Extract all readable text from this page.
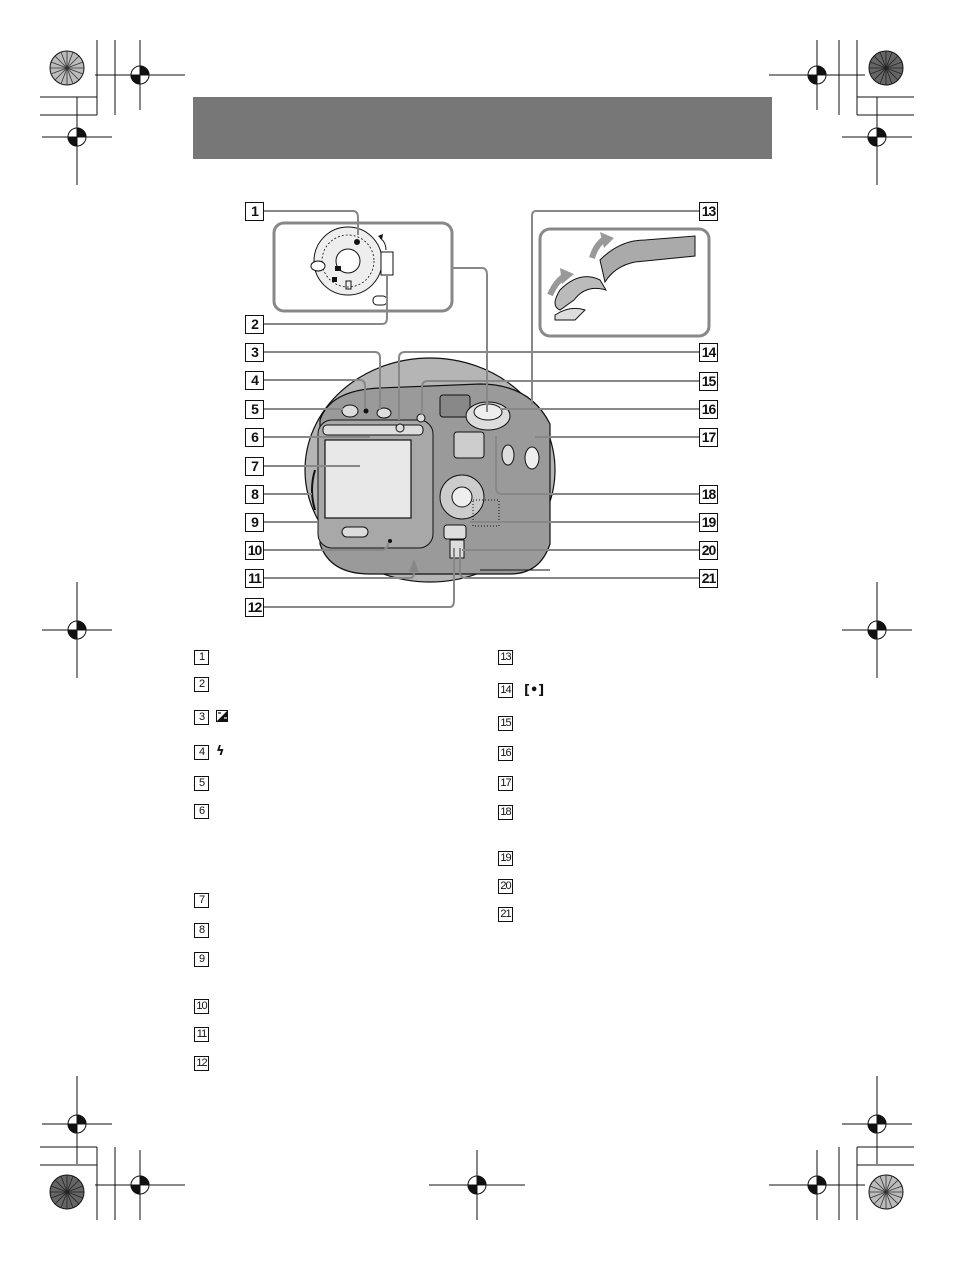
1
2
3
4
5
6
7
8
9
10
11
12
13
14
15
16
17
18
19
20
21
1
2
3
4 ϟ
5
6
7
8
9
10
11
12
13
14 [•]
15
16
17
18
19
20
21
